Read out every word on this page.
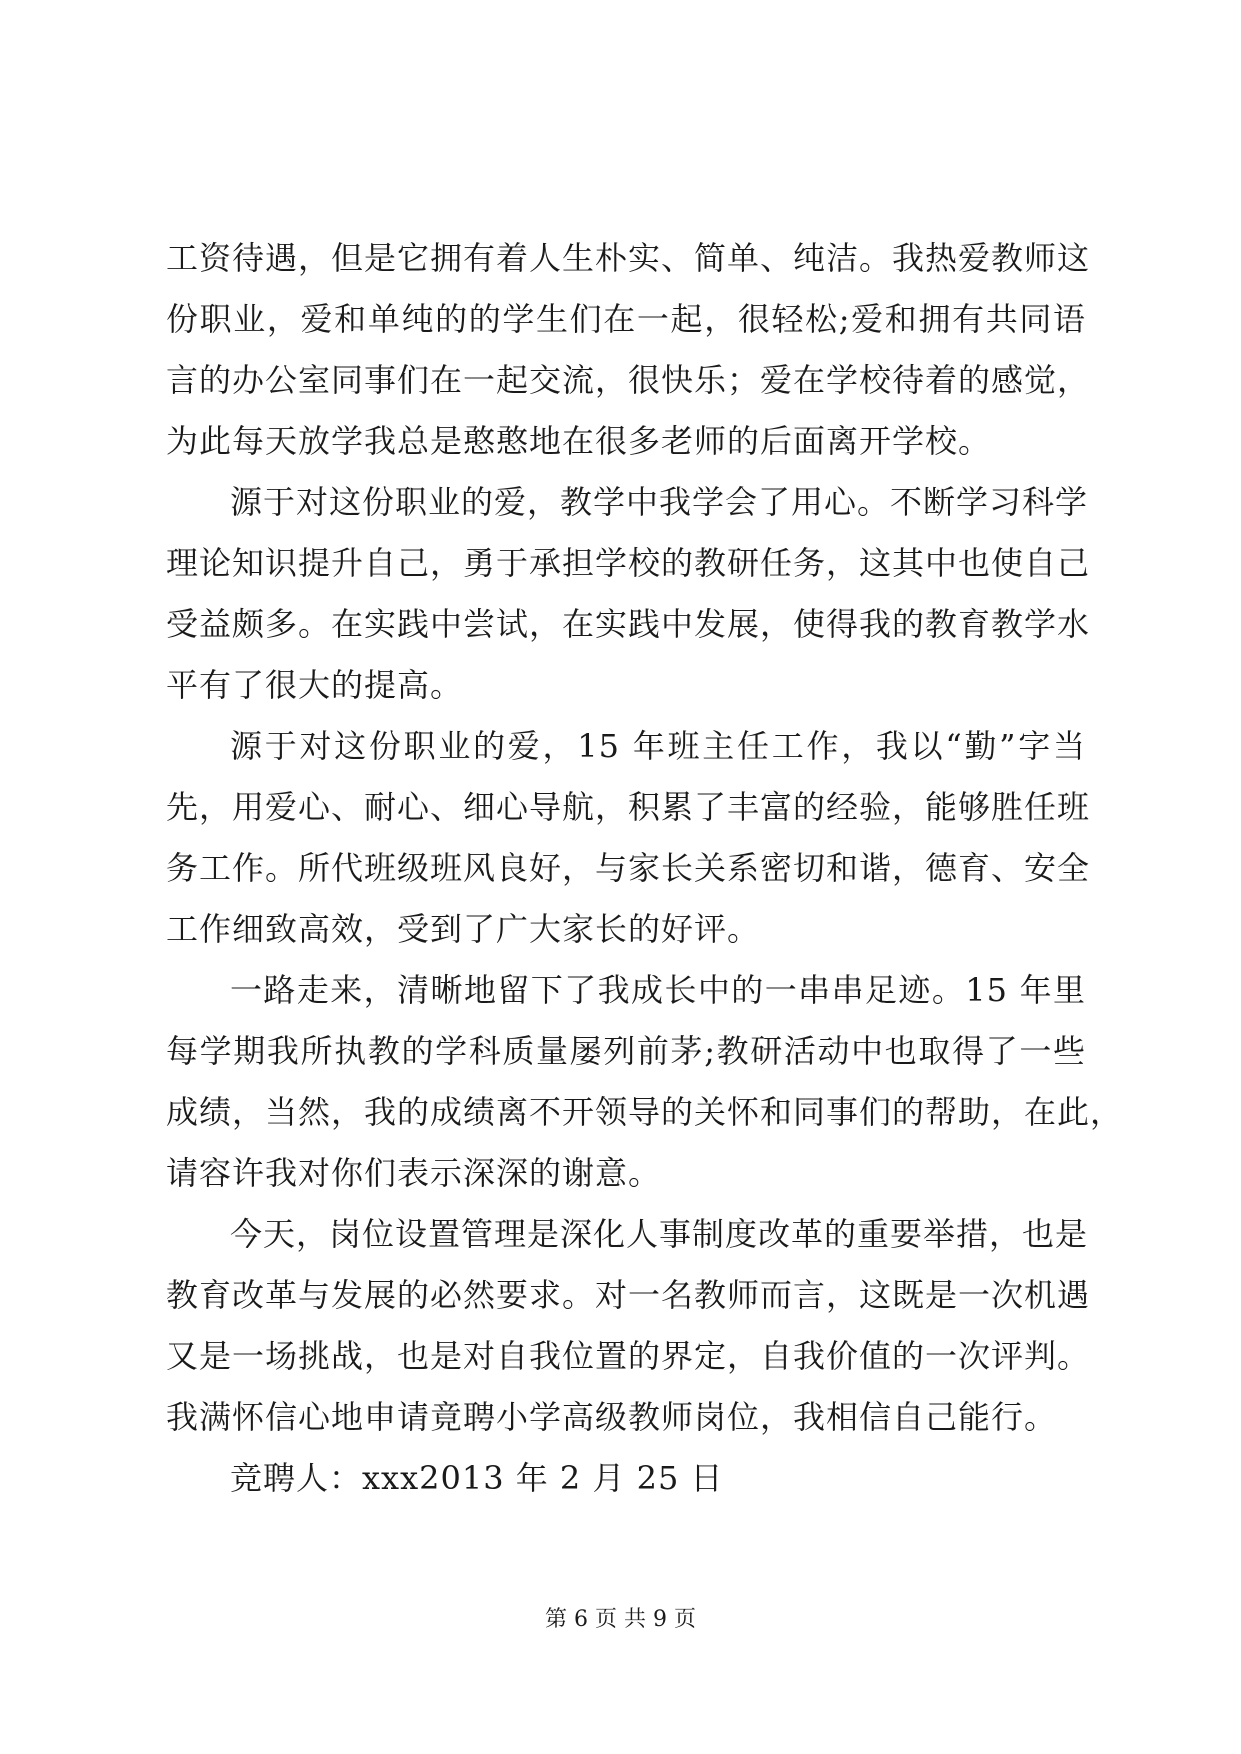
工资待遇，但是它拥有着人生朴实、简单、纯洁。我热爱教师这
份职业，爱和单纯的的学生们在一起，很轻松;爱和拥有共同语
言的办公室同事们在一起交流，很快乐；爱在学校待着的感觉，
为此每天放学我总是憨憨地在很多老师的后面离开学校。
源于对这份职业的爱，教学中我学会了用心。不断学习科学
理论知识提升自己，勇于承担学校的教研任务，这其中也使自己
受益颇多。在实践中尝试，在实践中发展，使得我的教育教学水
平有了很大的提高。
源于对这份职业的爱，15 年班主任工作，我以“勤”字当
先，用爱心、耐心、细心导航，积累了丰富的经验，能够胜任班
务工作。所代班级班风良好，与家长关系密切和谐，德育、安全
工作细致高效，受到了广大家长的好评。
一路走来，清晰地留下了我成长中的一串串足迹。15 年里
每学期我所执教的学科质量屡列前茅;教研活动中也取得了一些
成绩，当然，我的成绩离不开领导的关怀和同事们的帮助，在此，
请容许我对你们表示深深的谢意。
今天，岗位设置管理是深化人事制度改革的重要举措，也是
教育改革与发展的必然要求。对一名教师而言，这既是一次机遇
又是一场挑战，也是对自我位置的界定，自我价值的一次评判。
我满怀信心地申请竟聘小学高级教师岗位，我相信自己能行。
竞聘人：xxx2013 年 2 月 25 日
第 6 页 共 9 页
